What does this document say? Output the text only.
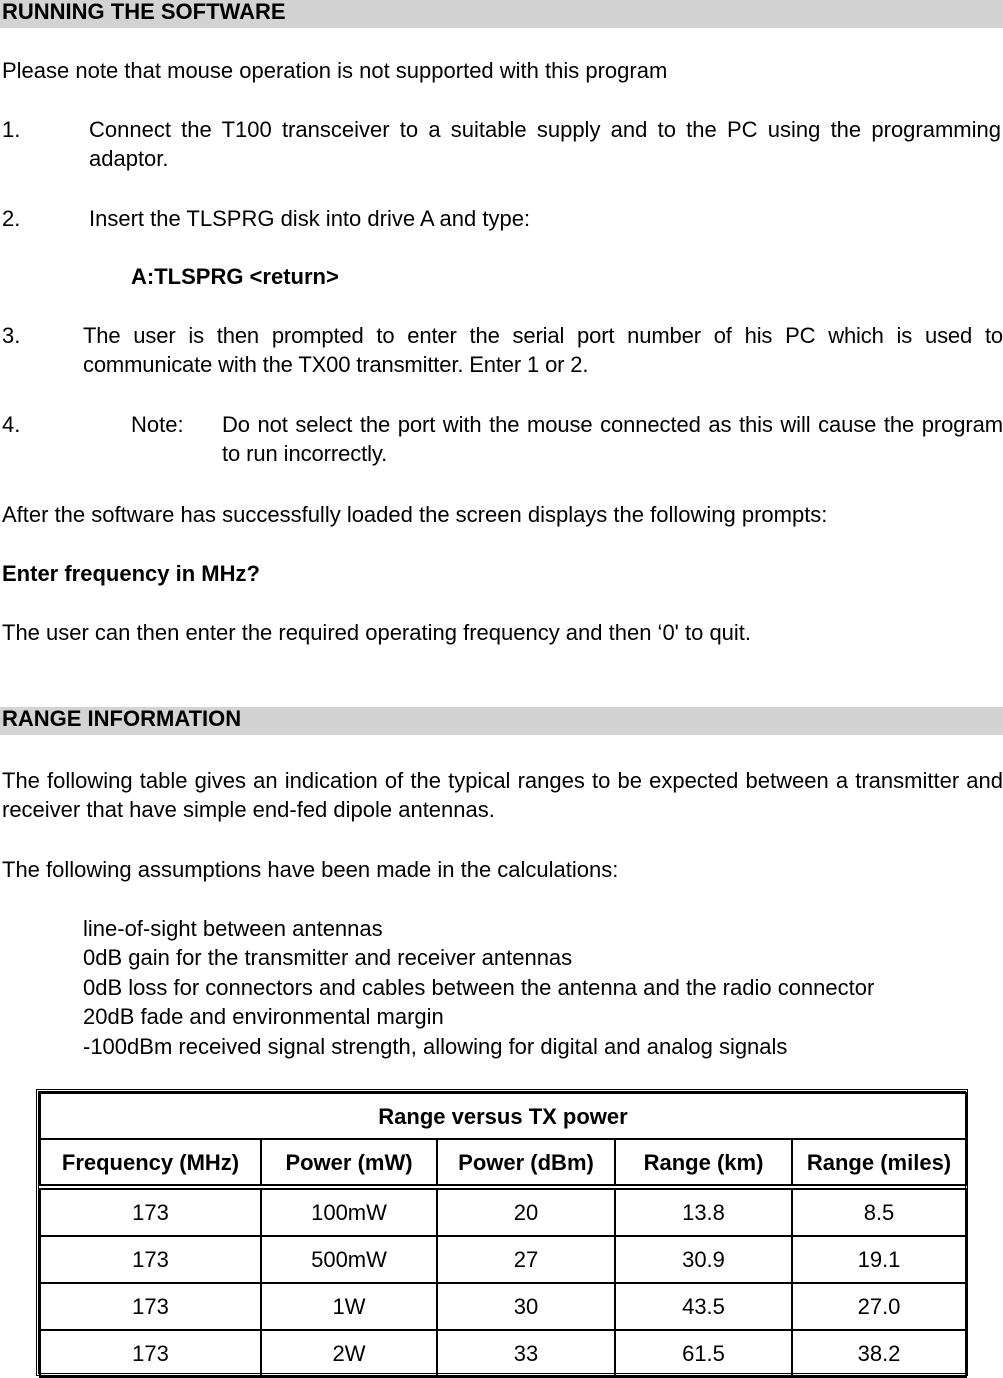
RUNNING THE SOFTWARE
Please note that mouse operation is not supported with this program
1.	Connect the T100 transceiver to a suitable supply and to the PC using the programming adaptor.
2.	Insert the TLSPRG disk into drive A and type:
A:TLSPRG <return>
3.	The user is then prompted to enter the serial port number of his PC which is used to communicate with the TX00 transmitter. Enter 1 or 2.
4.	Note: Do not select the port with the mouse connected as this will cause the program to run incorrectly.
After the software has successfully loaded the screen displays the following prompts:
Enter frequency in MHz?
The user can then enter the required operating frequency and then ‘0' to quit.
RANGE INFORMATION
The following table gives an indication of the typical ranges to be expected between a transmitter and receiver that have simple end-fed dipole antennas.
The following assumptions have been made in the calculations:
line-of-sight between antennas
0dB gain for the transmitter and receiver antennas
0dB loss for connectors and cables between the antenna and the radio connector
20dB fade and environmental margin
-100dBm received signal strength, allowing for digital and analog signals
Range versus TX power				
Frequency (MHz)	Power (mW)	Power (dBm)	Range (km)	Range (miles)
173	100mW	20	13.8	8.5
173	500mW	27	30.9	19.1
173	1W	30	43.5	27.0
173	2W	33	61.5	38.2
